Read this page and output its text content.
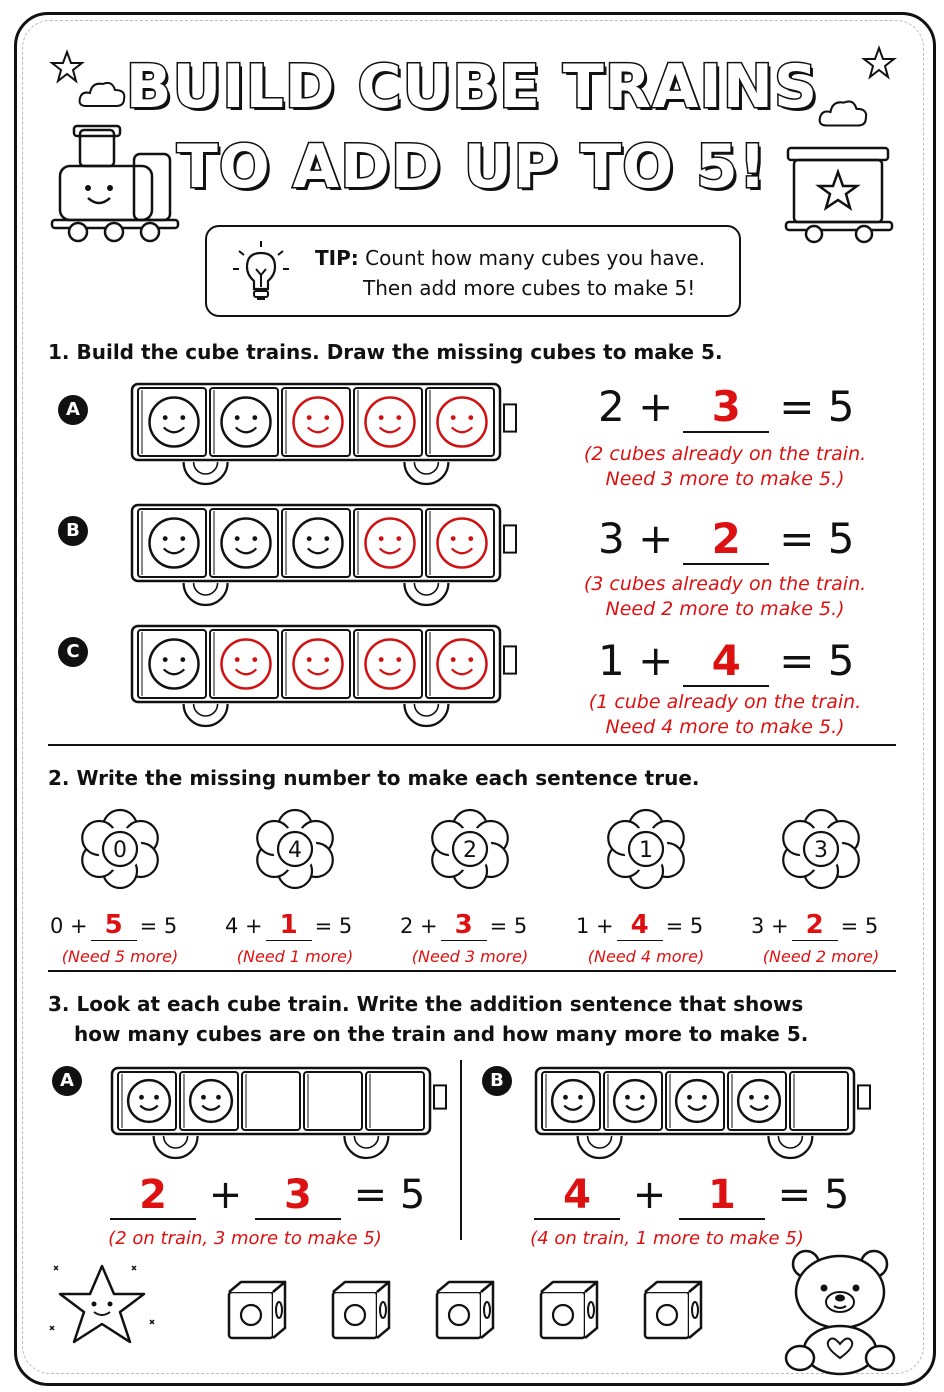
BUILD CUBE TRAINS
TO ADD UP TO 5!
TIP: Count how many cubes you have.
Then add more cubes to make 5!
1. Build the cube trains. Draw the missing cubes to make 5.
A	2 + 3 = 5
(2 cubes already on the train.
Need 3 more to make 5.)
B	3 + 2 = 5
(3 cubes already on the train.
Need 2 more to make 5.)
C	1 + 4 = 5
(1 cube already on the train.
Need 4 more to make 5.)
2. Write the missing number to make each sentence true.
0
0 + 5 = 5
(Need 5 more)
4
4 + 1 = 5
(Need 1 more)
2
2 + 3 = 5
(Need 3 more)
1
1 + 4 = 5
(Need 4 more)
3
3 + 2 = 5
(Need 2 more)
3. Look at each cube train. Write the addition sentence that shows
how many cubes are on the train and how many more to make 5.
A
2 + 3 = 5
(2 on train, 3 more to make 5)
B
4 + 1 = 5
(4 on train, 1 more to make 5)
